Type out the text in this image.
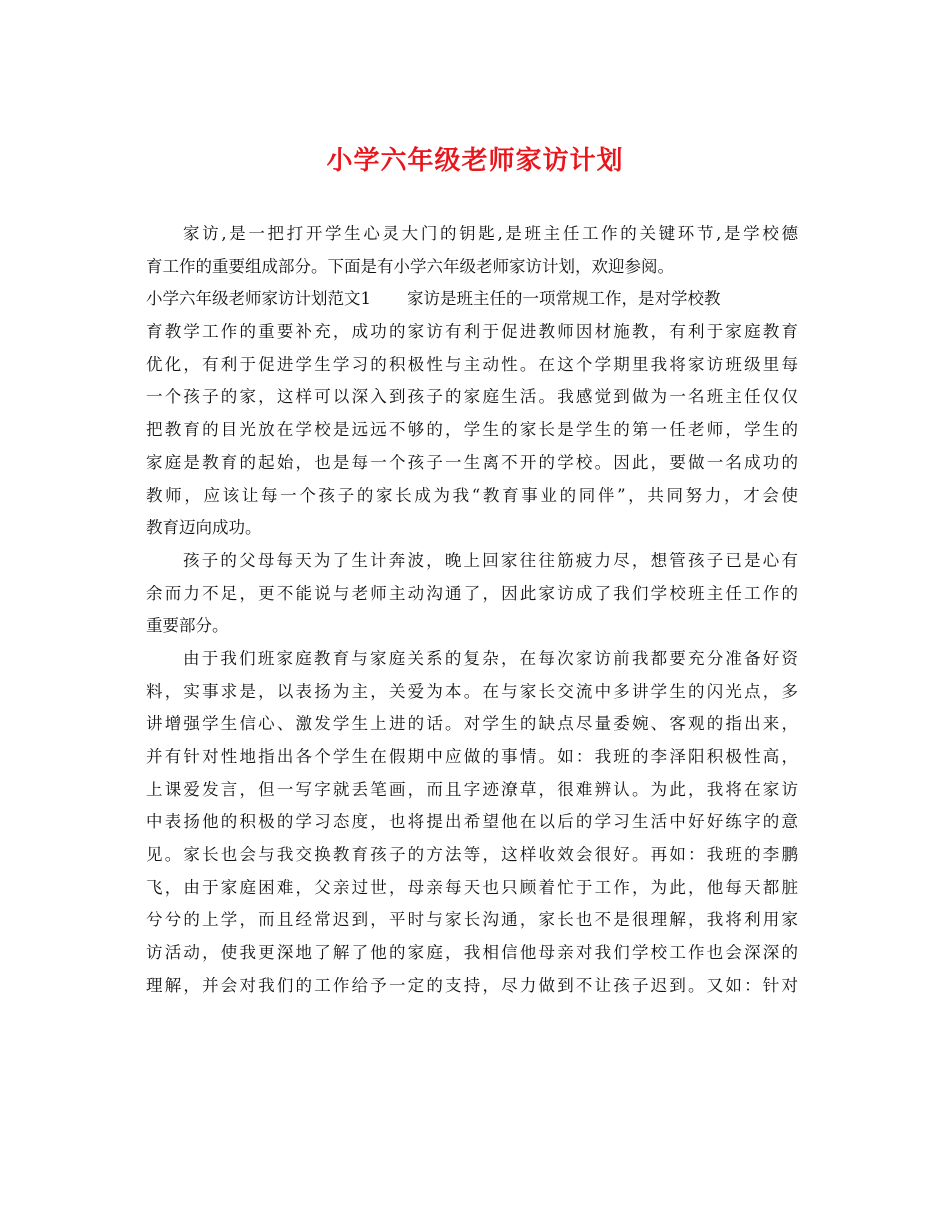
小学六年级老师家访计划
家访,是一把打开学生心灵大门的钥匙,是班主任工作的关键环节,是学校德
育工作的重要组成部分。下面是有小学六年级老师家访计划，欢迎参阅。
小学六年级老师家访计划范文1 家访是班主任的一项常规工作，是对学校教
育教学工作的重要补充，成功的家访有利于促进教师因材施教，有利于家庭教育
优化，有利于促进学生学习的积极性与主动性。在这个学期里我将家访班级里每
一个孩子的家，这样可以深入到孩子的家庭生活。我感觉到做为一名班主任仅仅
把教育的目光放在学校是远远不够的，学生的家长是学生的第一任老师，学生的
家庭是教育的起始，也是每一个孩子一生离不开的学校。因此，要做一名成功的
教师，应该让每一个孩子的家长成为我“教育事业的同伴”，共同努力，才会使
教育迈向成功。
孩子的父母每天为了生计奔波，晚上回家往往筋疲力尽，想管孩子已是心有
余而力不足，更不能说与老师主动沟通了，因此家访成了我们学校班主任工作的
重要部分。
由于我们班家庭教育与家庭关系的复杂，在每次家访前我都要充分准备好资
料，实事求是，以表扬为主，关爱为本。在与家长交流中多讲学生的闪光点，多
讲增强学生信心、激发学生上进的话。对学生的缺点尽量委婉、客观的指出来，
并有针对性地指出各个学生在假期中应做的事情。如：我班的李泽阳积极性高，
上课爱发言，但一写字就丢笔画，而且字迹潦草，很难辨认。为此，我将在家访
中表扬他的积极的学习态度，也将提出希望他在以后的学习生活中好好练字的意
见。家长也会与我交换教育孩子的方法等，这样收效会很好。再如：我班的李鹏
飞，由于家庭困难，父亲过世，母亲每天也只顾着忙于工作，为此，他每天都脏
兮兮的上学，而且经常迟到，平时与家长沟通，家长也不是很理解，我将利用家
访活动，使我更深地了解了他的家庭，我相信他母亲对我们学校工作也会深深的
理解，并会对我们的工作给予一定的支持，尽力做到不让孩子迟到。又如：针对
